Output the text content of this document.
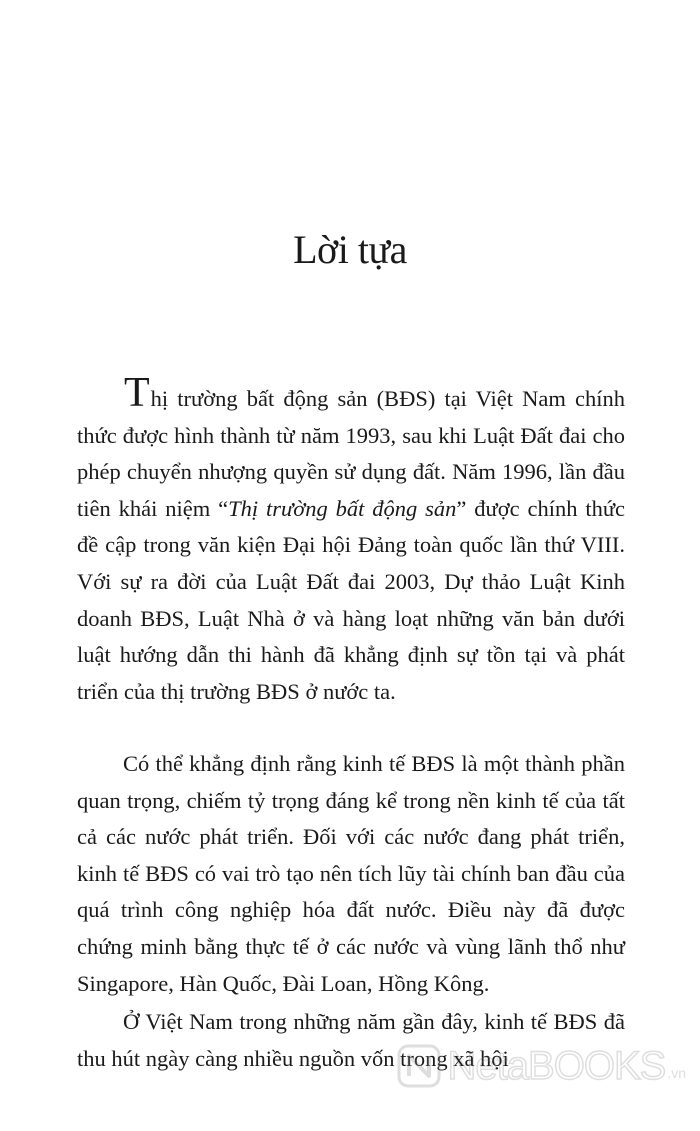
Lời tựa

Thị trường bất động sản (BĐS) tại Việt Nam chính thức được hình thành từ năm 1993, sau khi Luật Đất đai cho phép chuyển nhượng quyền sử dụng đất. Năm 1996, lần đầu tiên khái niệm “Thị trường bất động sản” được chính thức đề cập trong văn kiện Đại hội Đảng toàn quốc lần thứ VIII. Với sự ra đời của Luật Đất đai 2003, Dự thảo Luật Kinh doanh BĐS, Luật Nhà ở và hàng loạt những văn bản dưới luật hướng dẫn thi hành đã khẳng định sự tồn tại và phát triển của thị trường BĐS ở nước ta.

Có thể khẳng định rằng kinh tế BĐS là một thành phần quan trọng, chiếm tỷ trọng đáng kể trong nền kinh tế của tất cả các nước phát triển. Đối với các nước đang phát triển, kinh tế BĐS có vai trò tạo nên tích lũy tài chính ban đầu của quá trình công nghiệp hóa đất nước. Điều này đã được chứng minh bằng thực tế ở các nước và vùng lãnh thổ như Singapore, Hàn Quốc, Đài Loan, Hồng Kông.

Ở Việt Nam trong những năm gần đây, kinh tế BĐS đã thu hút ngày càng nhiều nguồn vốn trong xã hội

NetaBOOKS .vn
